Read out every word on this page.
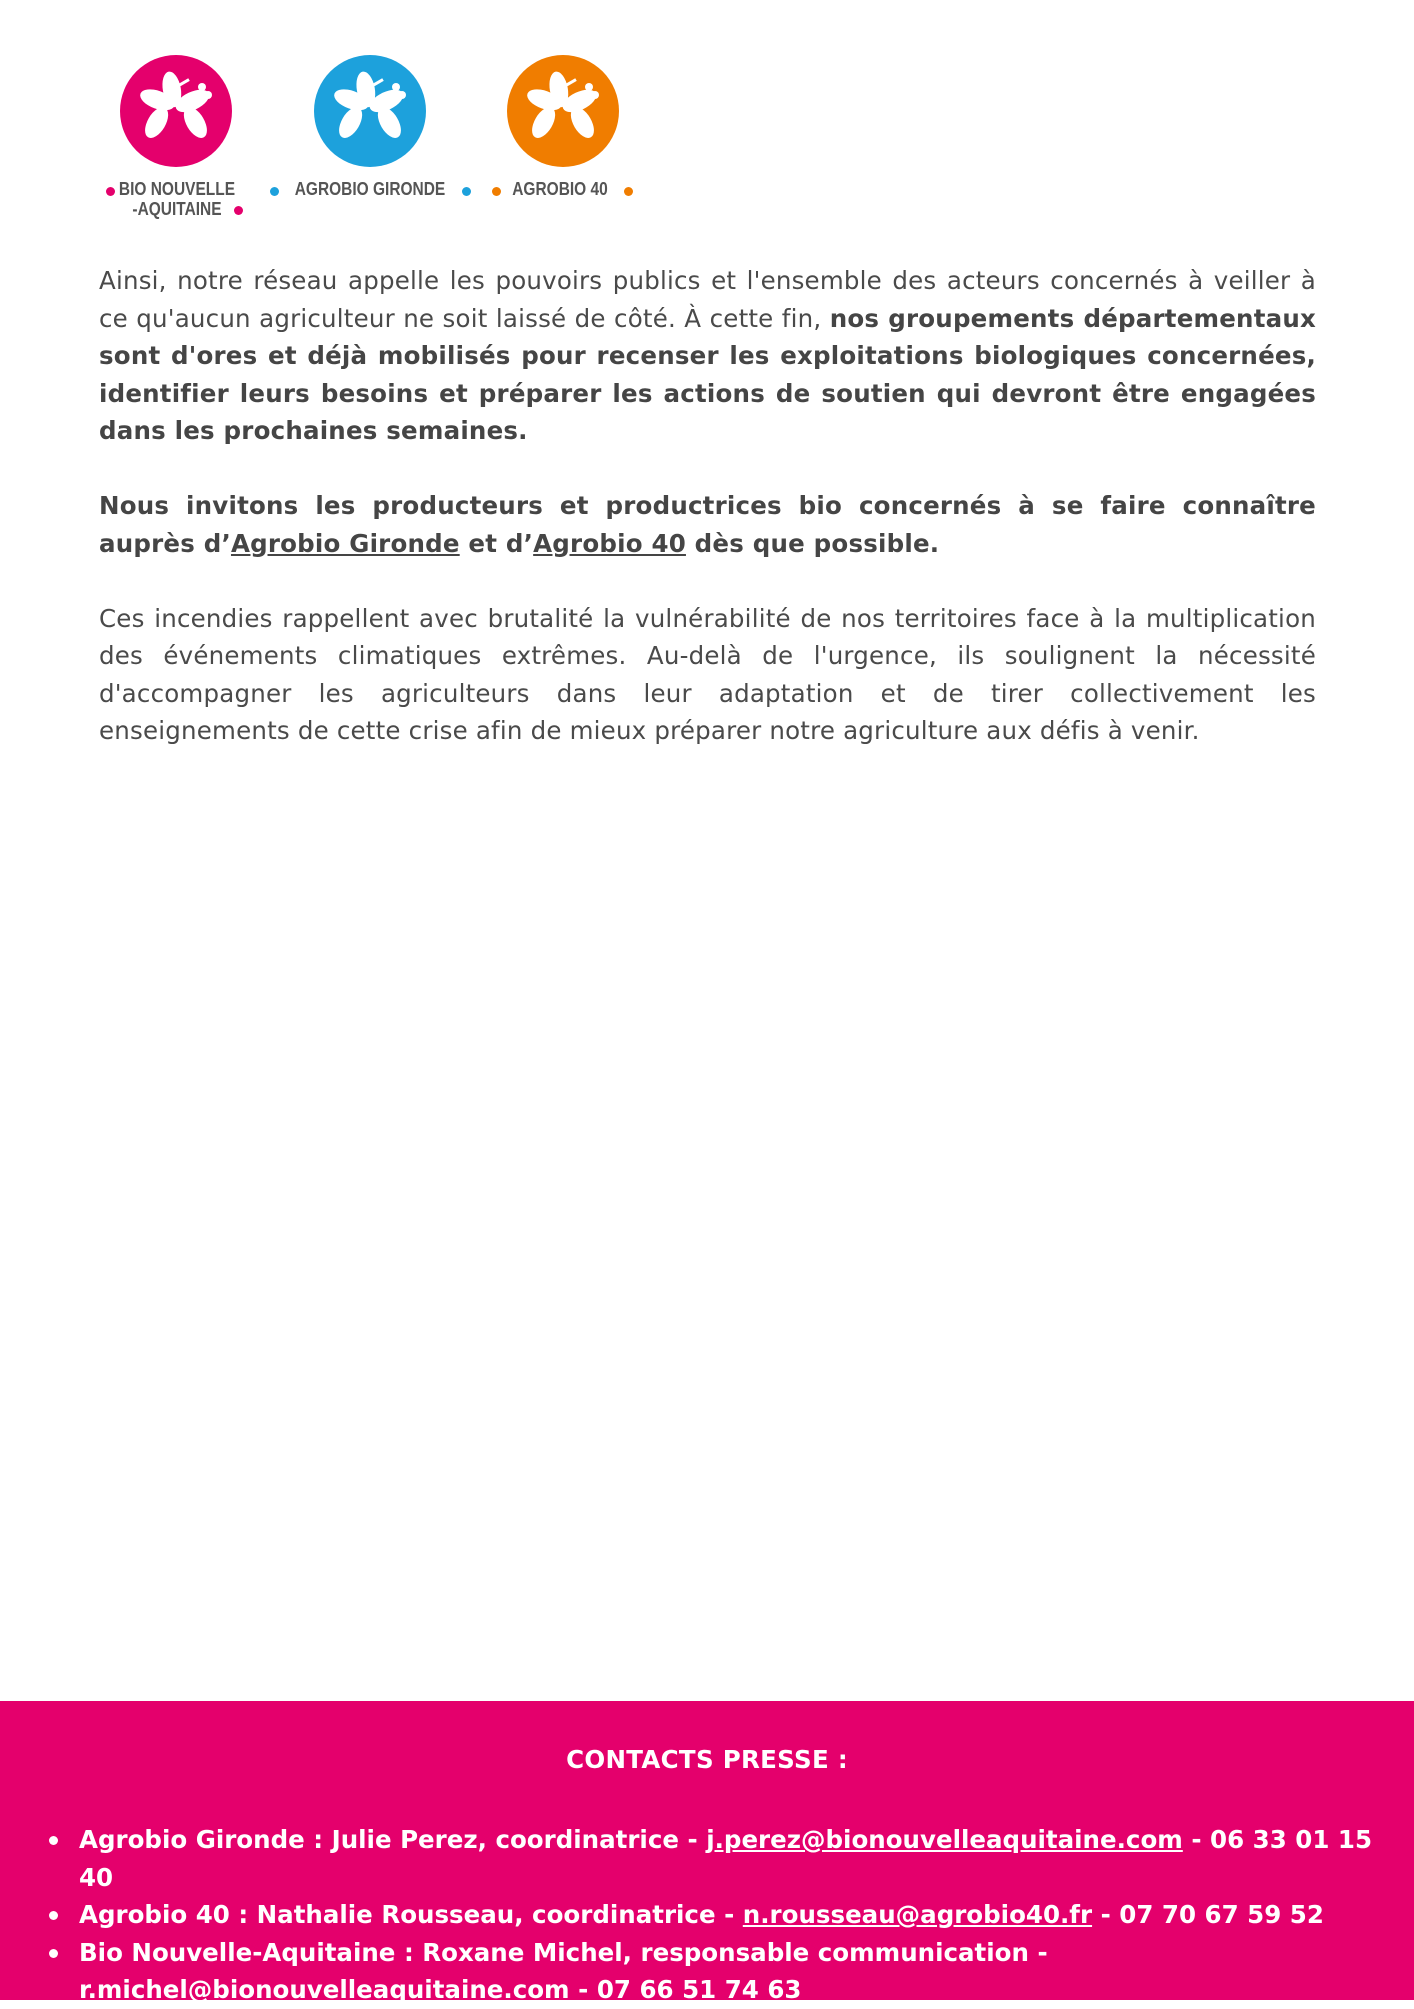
BIO NOUVELLE
-AQUITAINE
AGROBIO GIRONDE	AGROBIO 40

Ainsi, notre réseau appelle les pouvoirs publics et l'ensemble des acteurs concernés à veiller à ce qu'aucun agriculteur ne soit laissé de côté. À cette fin, nos groupements départementaux sont d'ores et déjà mobilisés pour recenser les exploitations biologiques concernées, identifier leurs besoins et préparer les actions de soutien qui devront être engagées dans les prochaines semaines.

Nous invitons les producteurs et productrices bio concernés à se faire connaître auprès d’Agrobio Gironde et d’Agrobio 40 dès que possible.

Ces incendies rappellent avec brutalité la vulnérabilité de nos territoires face à la multiplication des événements climatiques extrêmes. Au-delà de l'urgence, ils soulignent la nécessité d'accompagner les agriculteurs dans leur adaptation et de tirer collectivement les enseignements de cette crise afin de mieux préparer notre agriculture aux défis à venir.

CONTACTS PRESSE :
Agrobio Gironde : Julie Perez, coordinatrice - j.perez@bionouvelleaquitaine.com - 06 33 01 15 40
Agrobio 40 : Nathalie Rousseau, coordinatrice - n.rousseau@agrobio40.fr - 07 70 67 59 52
Bio Nouvelle-Aquitaine : Roxane Michel, responsable communication -
r.michel@bionouvelleaquitaine.com - 07 66 51 74 63
